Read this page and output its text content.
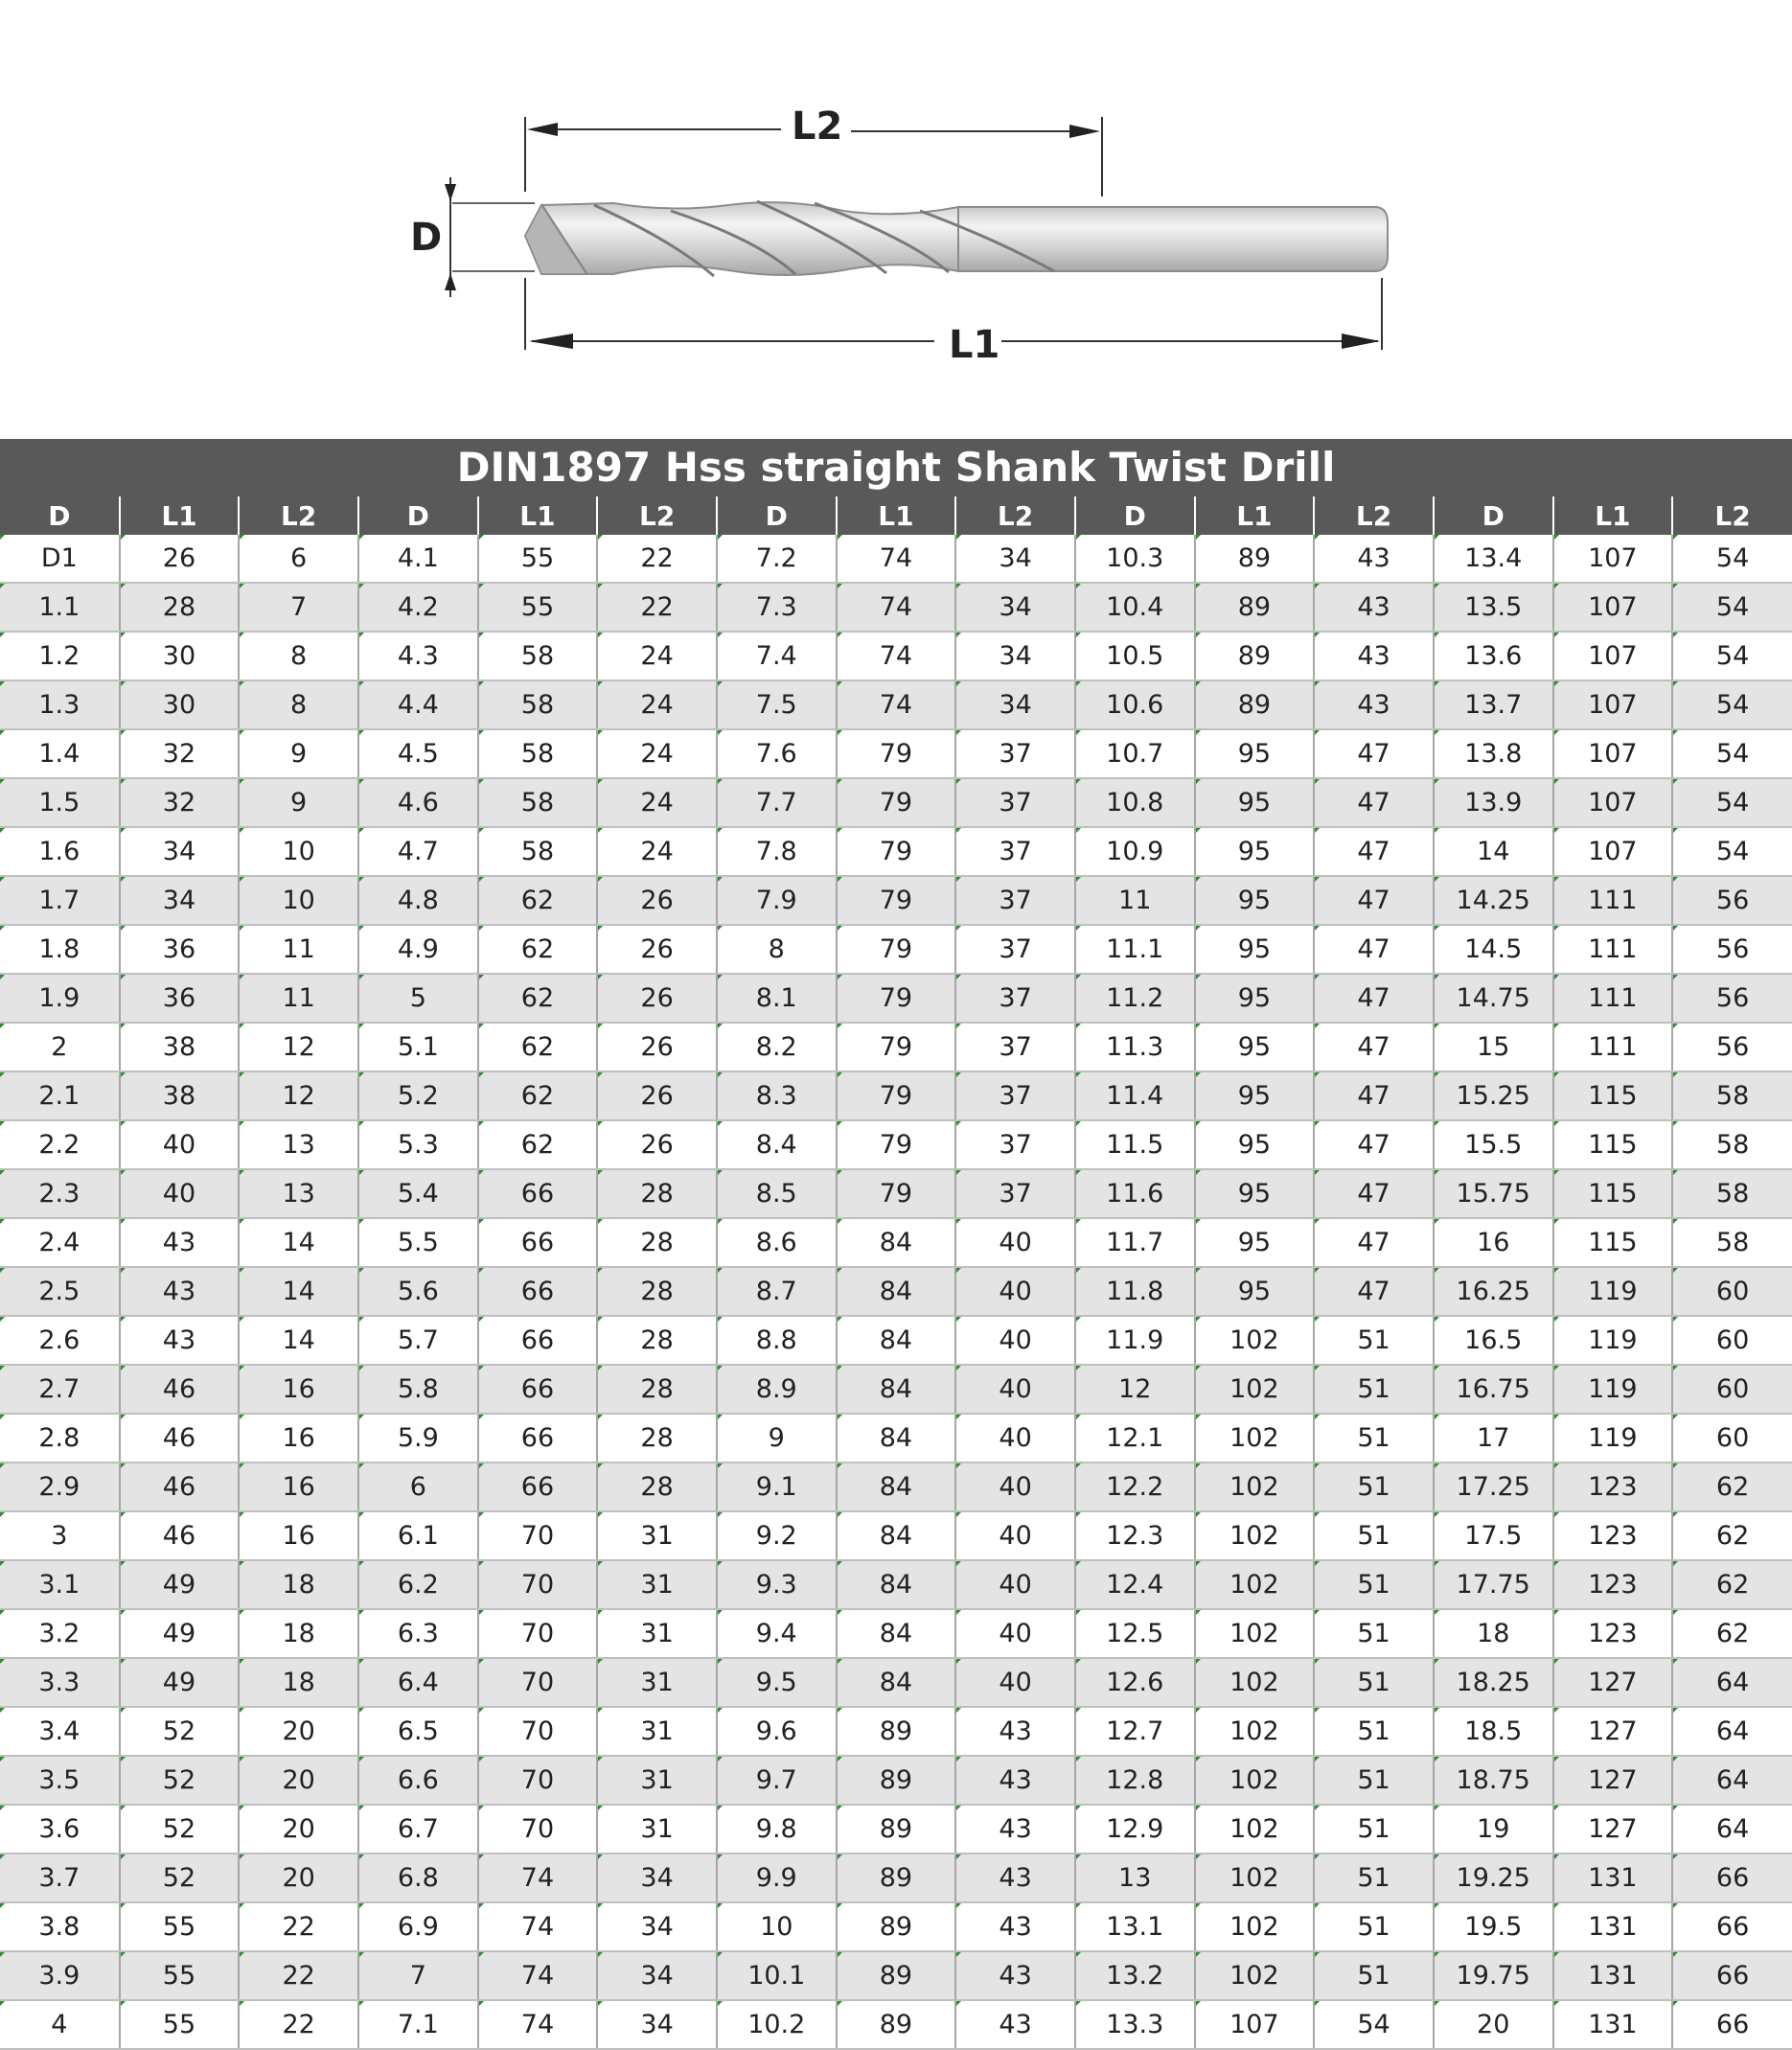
L2
L1
D
DIN1897 Hss straight Shank Twist Drill
D	L1	L2	D	L1	L2	D	L1	L2	D	L1	L2	D	L1	L2
D1	26	6	4.1	55	22	7.2	74	34	10.3	89	43	13.4	107	54
1.1	28	7	4.2	55	22	7.3	74	34	10.4	89	43	13.5	107	54
1.2	30	8	4.3	58	24	7.4	74	34	10.5	89	43	13.6	107	54
1.3	30	8	4.4	58	24	7.5	74	34	10.6	89	43	13.7	107	54
1.4	32	9	4.5	58	24	7.6	79	37	10.7	95	47	13.8	107	54
1.5	32	9	4.6	58	24	7.7	79	37	10.8	95	47	13.9	107	54
1.6	34	10	4.7	58	24	7.8	79	37	10.9	95	47	14	107	54
1.7	34	10	4.8	62	26	7.9	79	37	11	95	47	14.25	111	56
1.8	36	11	4.9	62	26	8	79	37	11.1	95	47	14.5	111	56
1.9	36	11	5	62	26	8.1	79	37	11.2	95	47	14.75	111	56
2	38	12	5.1	62	26	8.2	79	37	11.3	95	47	15	111	56
2.1	38	12	5.2	62	26	8.3	79	37	11.4	95	47	15.25	115	58
2.2	40	13	5.3	62	26	8.4	79	37	11.5	95	47	15.5	115	58
2.3	40	13	5.4	66	28	8.5	79	37	11.6	95	47	15.75	115	58
2.4	43	14	5.5	66	28	8.6	84	40	11.7	95	47	16	115	58
2.5	43	14	5.6	66	28	8.7	84	40	11.8	95	47	16.25	119	60
2.6	43	14	5.7	66	28	8.8	84	40	11.9	102	51	16.5	119	60
2.7	46	16	5.8	66	28	8.9	84	40	12	102	51	16.75	119	60
2.8	46	16	5.9	66	28	9	84	40	12.1	102	51	17	119	60
2.9	46	16	6	66	28	9.1	84	40	12.2	102	51	17.25	123	62
3	46	16	6.1	70	31	9.2	84	40	12.3	102	51	17.5	123	62
3.1	49	18	6.2	70	31	9.3	84	40	12.4	102	51	17.75	123	62
3.2	49	18	6.3	70	31	9.4	84	40	12.5	102	51	18	123	62
3.3	49	18	6.4	70	31	9.5	84	40	12.6	102	51	18.25	127	64
3.4	52	20	6.5	70	31	9.6	89	43	12.7	102	51	18.5	127	64
3.5	52	20	6.6	70	31	9.7	89	43	12.8	102	51	18.75	127	64
3.6	52	20	6.7	70	31	9.8	89	43	12.9	102	51	19	127	64
3.7	52	20	6.8	74	34	9.9	89	43	13	102	51	19.25	131	66
3.8	55	22	6.9	74	34	10	89	43	13.1	102	51	19.5	131	66
3.9	55	22	7	74	34	10.1	89	43	13.2	102	51	19.75	131	66
4	55	22	7.1	74	34	10.2	89	43	13.3	107	54	20	131	66
